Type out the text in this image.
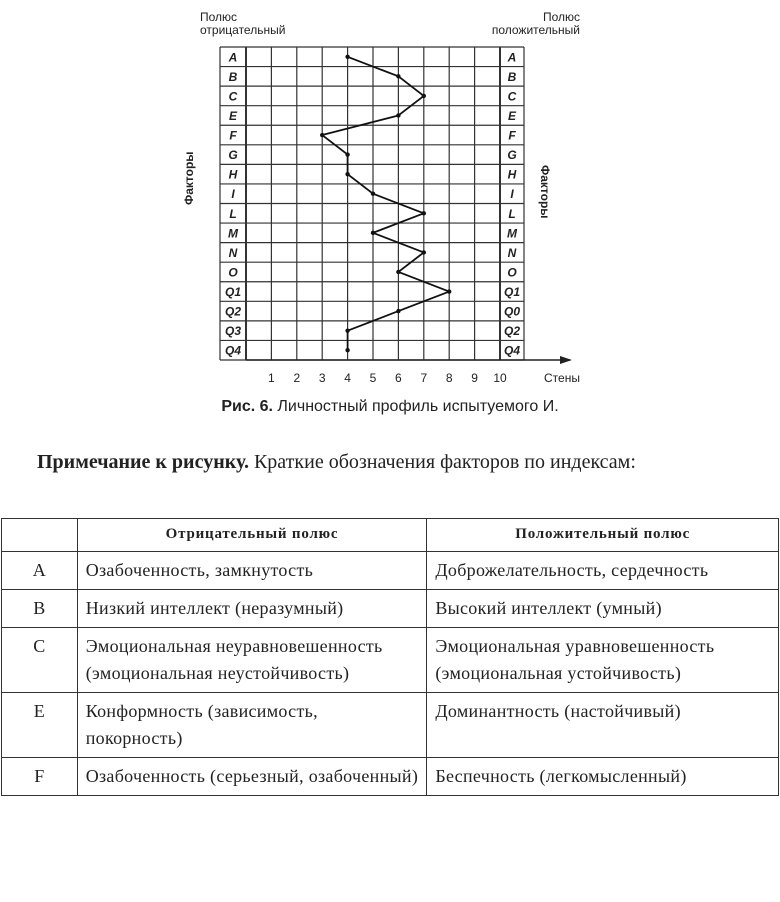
A
B
C
E
F
G
H
I
L
M
N
O
Q1
Q2
Q3
Q4
A
B
C
E
F
G
H
I
L
M
N
O
Q1
Q0
Q2
Q4
1 2 3 4 5 6 7 8 9 10	Стены
Полюс
отрицательный
Полюс
положительный
Факторы	Факторы
Рис. 6. Личностный профиль испытуемого И.
Примечание к рисунку. Краткие обозначения факторов по индексам:
	Отрицательный полюс	Положительный полюс
A	Озабоченность, замкнутость	Доброжелательность, сердечность
B	Низкий интеллект (неразумный)	Высокий интеллект (умный)
C	Эмоциональная неуравновешенность (эмоциональная неустойчивость)	Эмоциональная уравновешенность (эмоциональная устойчивость)
E	Конформность (зависимость, покорность)	Доминантность (настойчивый)
F	Озабоченность (серьезный, озабоченный)	Беспечность (легкомысленный)
